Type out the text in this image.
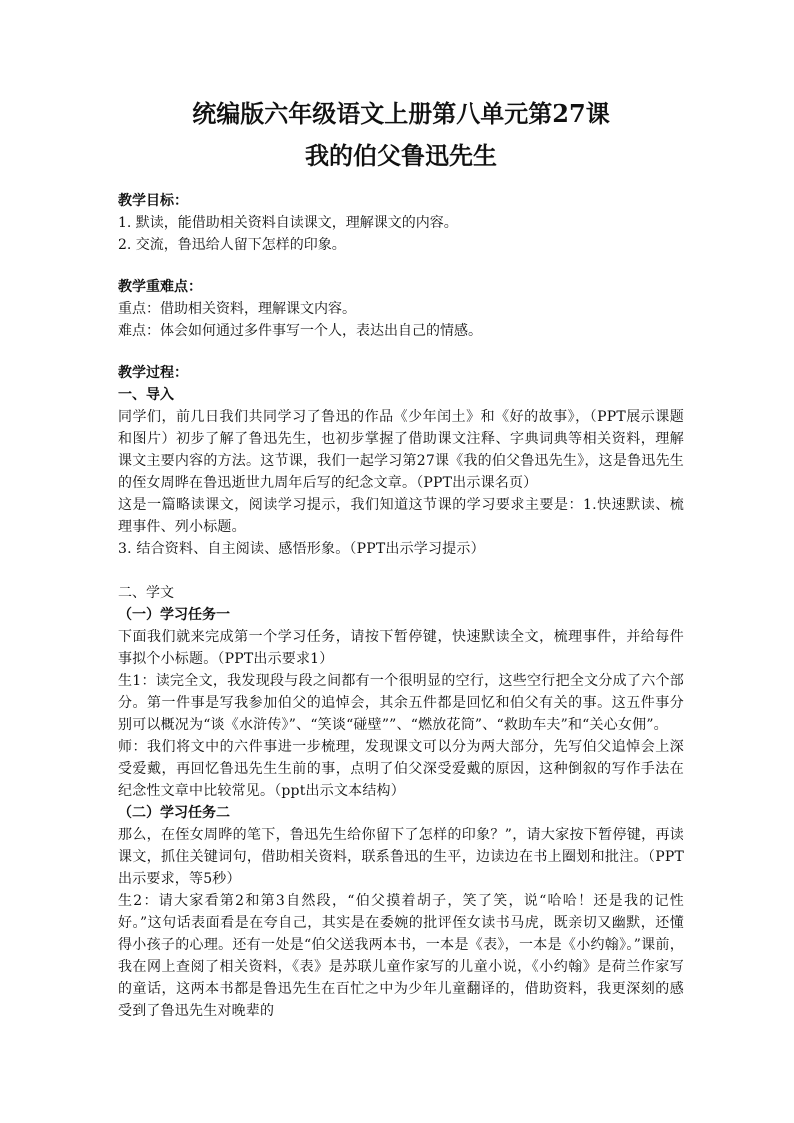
统编版六年级语文上册第八单元第27课
我的伯父鲁迅先生

教学目标：

1. 默读，能借助相关资料自读课文，理解课文的内容。

2. 交流，鲁迅给人留下怎样的印象。

教学重难点：

重点：借助相关资料，理解课文内容。

难点：体会如何通过多件事写一个人，表达出自己的情感。

教学过程：

一、导入

同学们，前几日我们共同学习了鲁迅的作品《少年闰土》和《好的故事》，（PPT展示课题和图片）初步了解了鲁迅先生，也初步掌握了借助课文注释、字典词典等相关资料，理解课文主要内容的方法。这节课，我们一起学习第27课《我的伯父鲁迅先生》，这是鲁迅先生的侄女周晔在鲁迅逝世九周年后写的纪念文章。（PPT出示课名页）

这是一篇略读课文，阅读学习提示，我们知道这节课的学习要求主要是：1.快速默读、梳理事件、列小标题。

3. 结合资料、自主阅读、感悟形象。（PPT出示学习提示）

二、学文

（一）学习任务一

下面我们就来完成第一个学习任务，请按下暂停键，快速默读全文，梳理事件，并给每件事拟个小标题。（PPT出示要求1）

生1：读完全文，我发现段与段之间都有一个很明显的空行，这些空行把全文分成了六个部分。第一件事是写我参加伯父的追悼会，其余五件都是回忆和伯父有关的事。这五件事分别可以概况为“谈《水浒传》”、“笑谈“碰壁””、“燃放花筒”、“救助车夫”和“关心女佣”。

师：我们将文中的六件事进一步梳理，发现课文可以分为两大部分，先写伯父追悼会上深受爱戴，再回忆鲁迅先生生前的事，点明了伯父深受爱戴的原因，这种倒叙的写作手法在纪念性文章中比较常见。（ppt出示文本结构）

（二）学习任务二

那么，在侄女周晔的笔下，鲁迅先生给你留下了怎样的印象？”，请大家按下暂停键，再读课文，抓住关键词句，借助相关资料，联系鲁迅的生平，边读边在书上圈划和批注。（PPT出示要求，等5秒）

生2：请大家看第2和第3自然段，“伯父摸着胡子，笑了笑，说“哈哈！还是我的记性好。”这句话表面看是在夸自己，其实是在委婉的批评侄女读书马虎，既亲切又幽默，还懂得小孩子的心理。还有一处是“伯父送我两本书，一本是《表》，一本是《小约翰》。”课前，我在网上查阅了相关资料，《表》是苏联儿童作家写的儿童小说，《小约翰》是荷兰作家写的童话，这两本书都是鲁迅先生在百忙之中为少年儿童翻译的，借助资料，我更深刻的感受到了鲁迅先生对晚辈的
